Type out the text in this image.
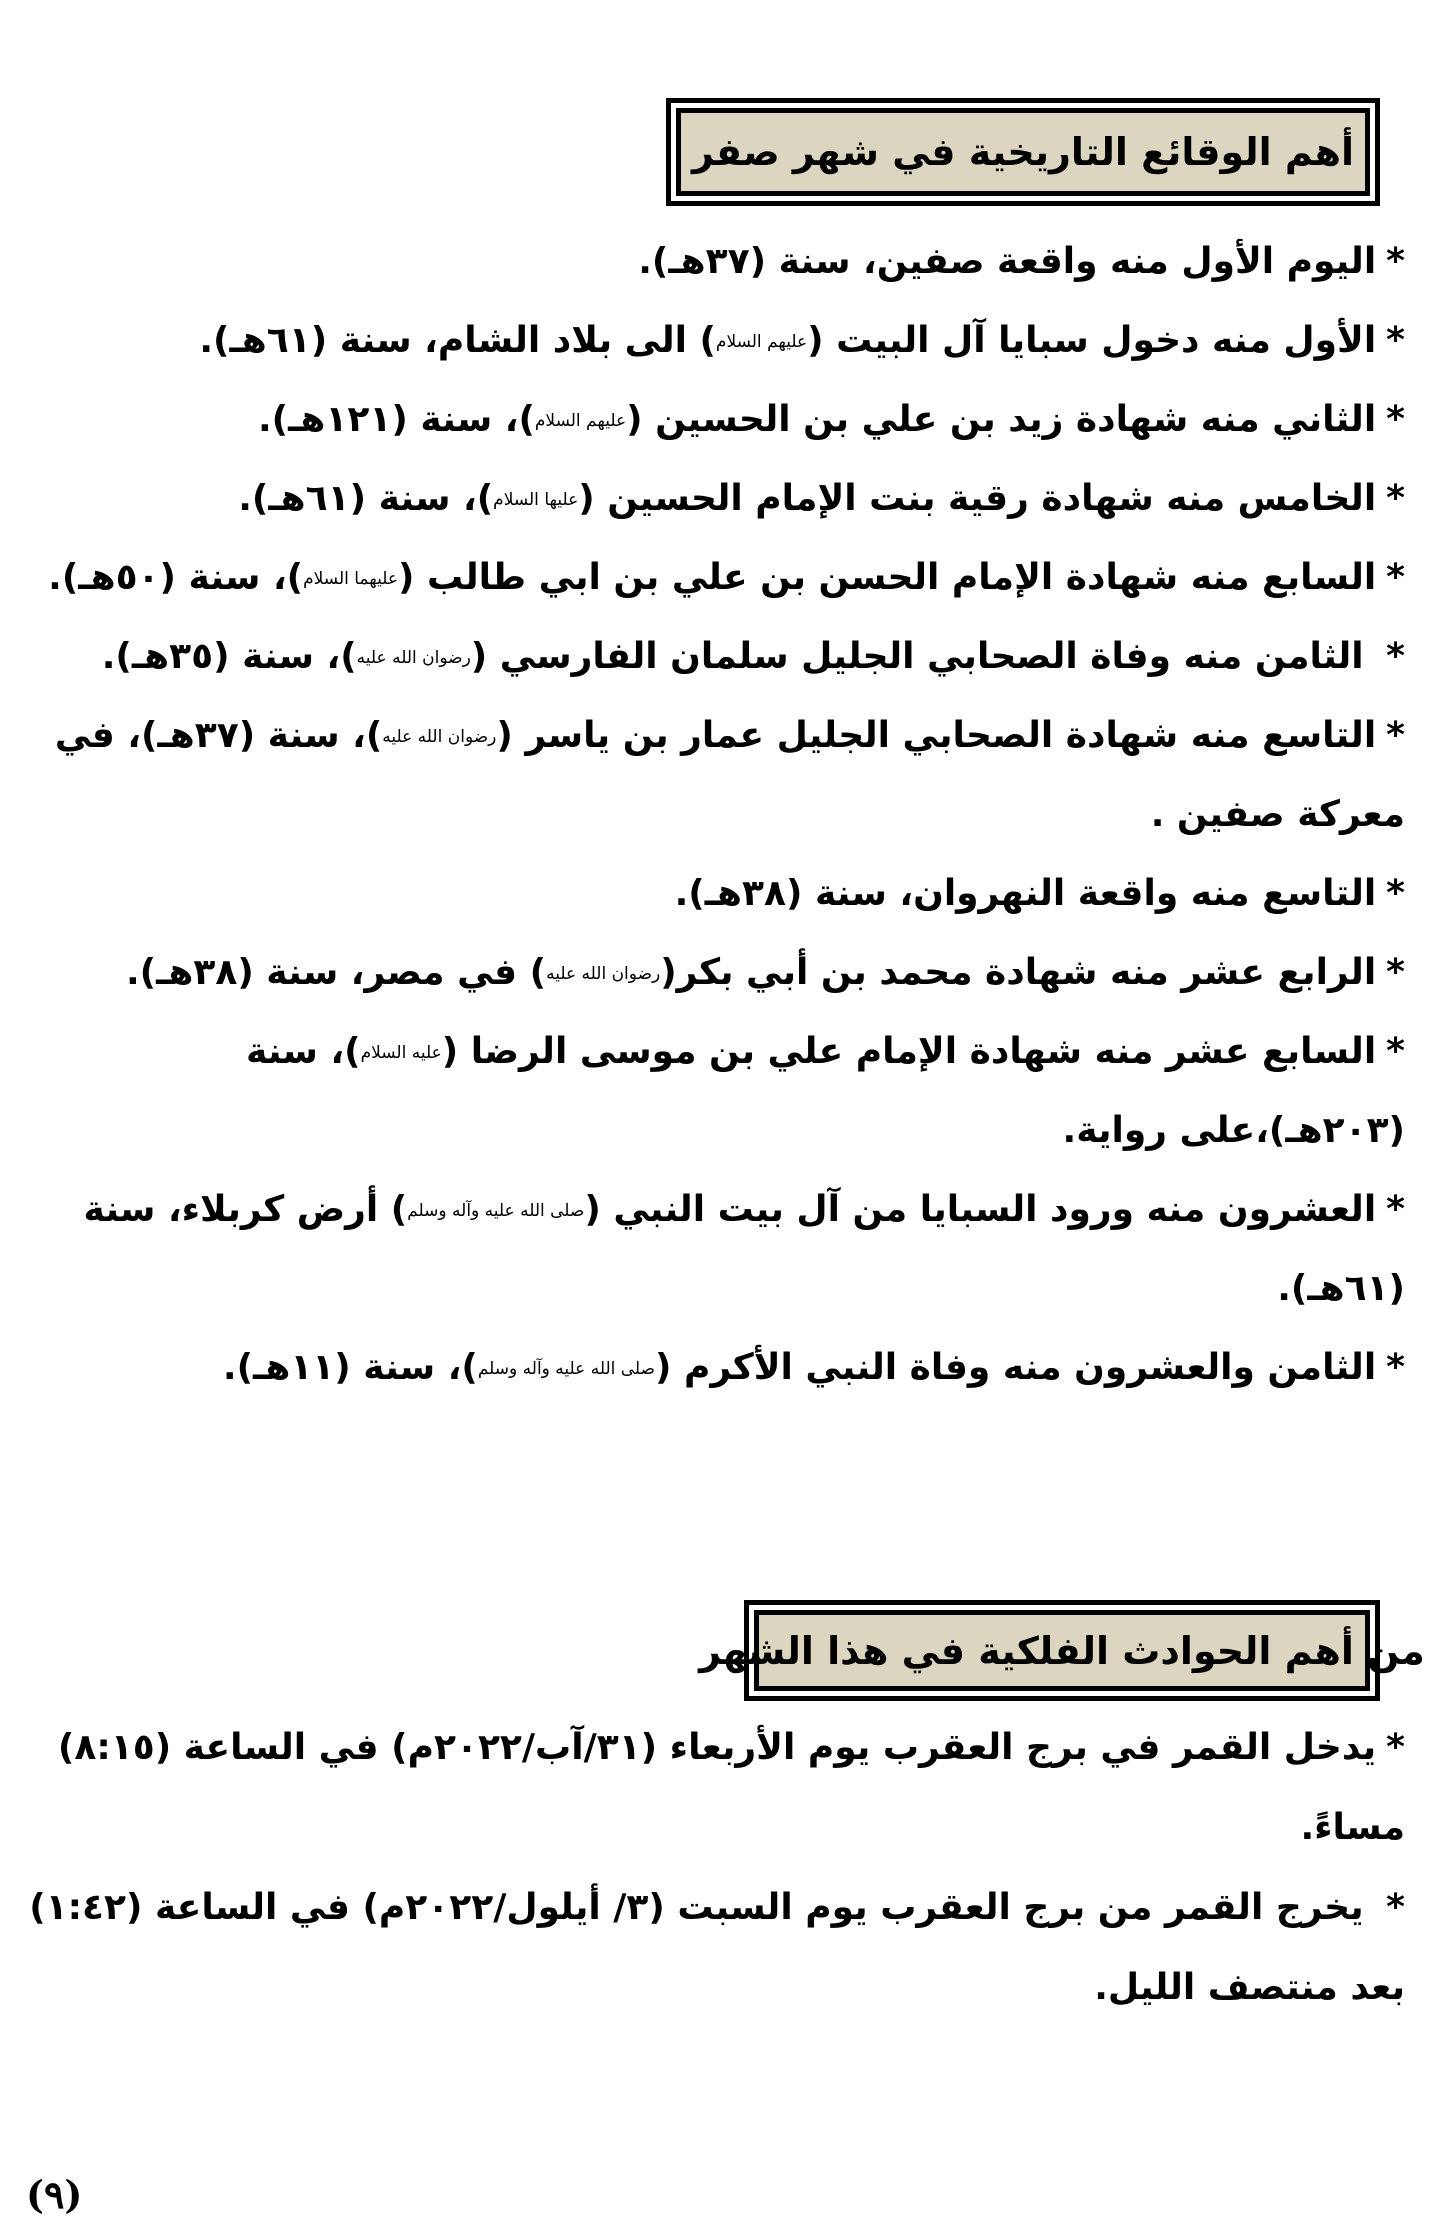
أهم الوقائع التاريخية في شهر صفر
*اليوم الأول منه واقعة صفين، سنة (٣٧هـ).
*الأول منه دخول سبايا آل البيت (عليهم السلام) الى بلاد الشام، سنة (٦١هـ).
*الثاني منه شهادة زيد بن علي بن الحسين (عليهم السلام)، سنة (١٢١هـ).
*الخامس منه شهادة رقية بنت الإمام الحسين (عليها السلام)، سنة (٦١هـ).
*السابع منه شهادة الإمام الحسن بن علي بن ابي طالب (عليهما السلام)، سنة (٥٠هـ).
* الثامن منه وفاة الصحابي الجليل سلمان الفارسي (رضوان الله عليه)، سنة (٣٥هـ).
*التاسع منه شهادة الصحابي الجليل عمار بن ياسر (رضوان الله عليه)، سنة (٣٧هـ)، في معركة صفين .
*التاسع منه واقعة النهروان، سنة (٣٨هـ).
*الرابع عشر منه شهادة محمد بن أبي بكر(رضوان الله عليه) في مصر، سنة (٣٨هـ).
*السابع عشر منه شهادة الإمام علي بن موسى الرضا (عليه السلام)، سنة (٢٠٣هـ)،على رواية.
*العشرون منه ورود السبايا من آل بيت النبي (صلى الله عليه وآله وسلم) أرض كربلاء، سنة (٦١هـ).
*الثامن والعشرون منه وفاة النبي الأكرم (صلى الله عليه وآله وسلم)، سنة (١١هـ).
من أهم الحوادث الفلكية في هذا الشهر
*يدخل القمر في برج العقرب يوم الأربعاء (٣١/آب/٢٠٢٢م) في الساعة (٨:١٥) مساءً.
* يخرج القمر من برج العقرب يوم السبت (٣/ أيلول/٢٠٢٢م) في الساعة (١:٤٢) بعد منتصف الليل.
(٩)
